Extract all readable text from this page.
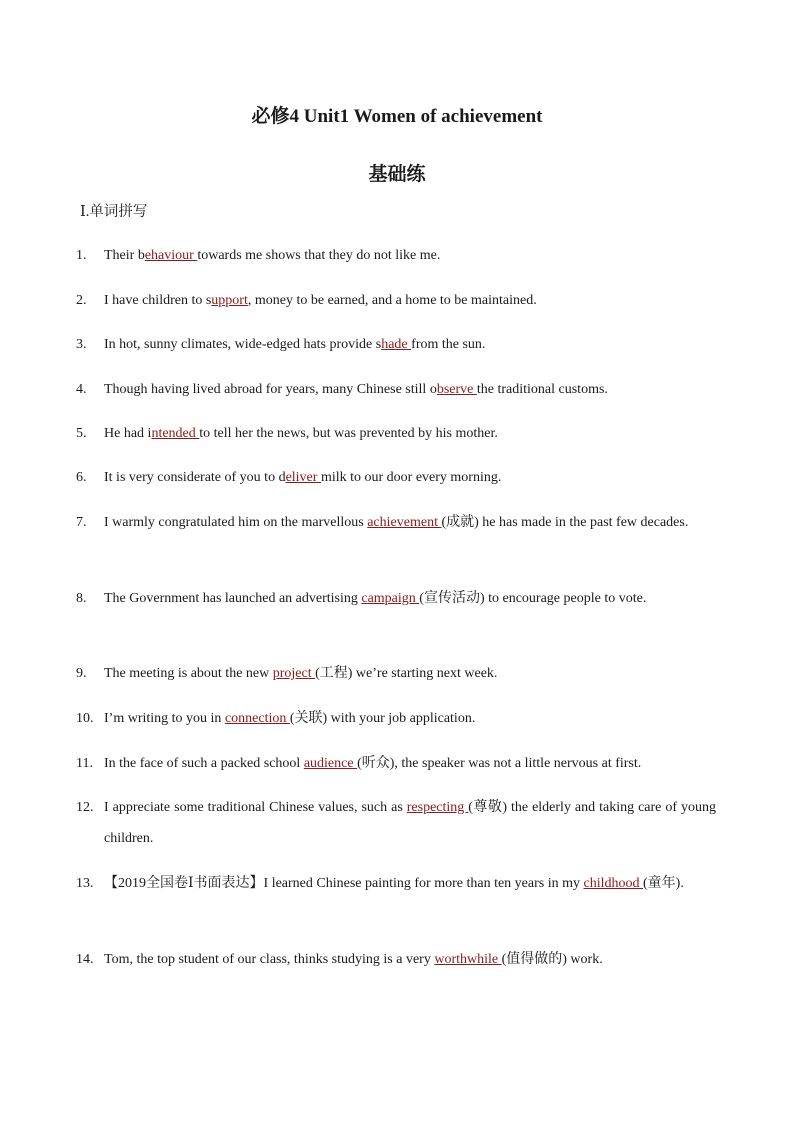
必修4 Unit1 Women of achievement
基础练
Ⅰ.单词拼写
1. Their behaviour towards me shows that they do not like me.
2. I have children to support, money to be earned, and a home to be maintained.
3. In hot, sunny climates, wide-edged hats provide shade from the sun.
4. Though having lived abroad for years, many Chinese still observe the traditional customs.
5. He had intended to tell her the news, but was prevented by his mother.
6. It is very considerate of you to deliver milk to our door every morning.
7. I warmly congratulated him on the marvellous achievement (成就) he has made in the past few decades.
8. The Government has launched an advertising campaign (宣传活动) to encourage people to vote.
9. The meeting is about the new project (工程) we’re starting next week.
10. I’m writing to you in connection (关联) with your job application.
11. In the face of such a packed school audience (听众), the speaker was not a little nervous at first.
12. I appreciate some traditional Chinese values, such as respecting (尊敬) the elderly and taking care of young children.
13. 【2019全国卷Ⅰ书面表达】I learned Chinese painting for more than ten years in my childhood (童年).
14. Tom, the top student of our class, thinks studying is a very worthwhile (值得做的) work.
